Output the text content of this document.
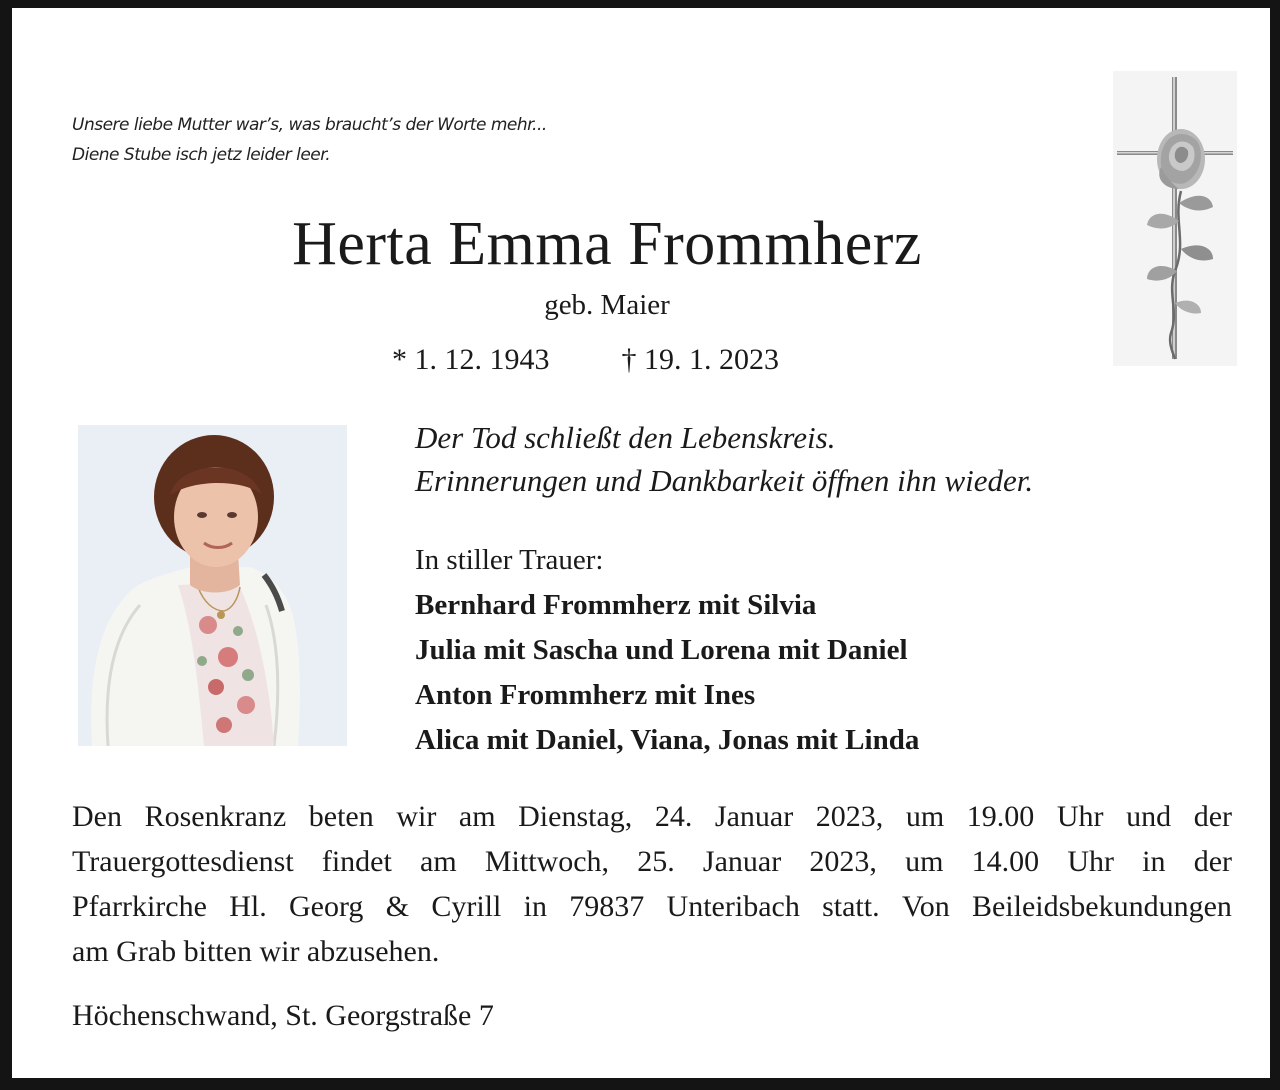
Unsere liebe Mutter war’s, was braucht’s der Worte mehr...
Diene Stube isch jetz leider leer.
Herta Emma Frommherz
geb. Maier
* 1. 12. 1943 † 19. 1. 2023
Der Tod schließt den Lebenskreis.
Erinnerungen und Dankbarkeit öffnen ihn wieder.
In stiller Trauer:
Bernhard Frommherz mit Silvia
Julia mit Sascha und Lorena mit Daniel
Anton Frommherz mit Ines
Alica mit Daniel, Viana, Jonas mit Linda
Den Rosenkranz beten wir am Dienstag, 24. Januar 2023, um 19.00 Uhr und der
Trauergottesdienst findet am Mittwoch, 25. Januar 2023, um 14.00 Uhr in der
Pfarrkirche Hl. Georg & Cyrill in 79837 Unteribach statt. Von Beileidsbekundungen
am Grab bitten wir abzusehen.
Höchenschwand, St. Georgstraße 7
